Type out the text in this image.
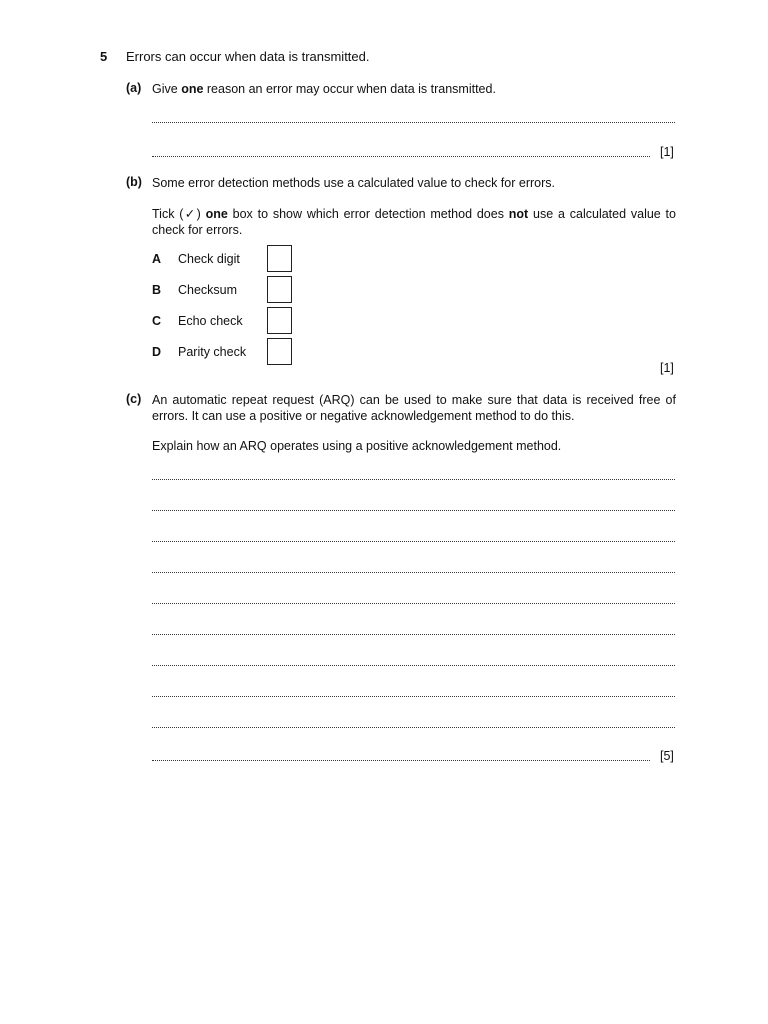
5 Errors can occur when data is transmitted.
(a) Give one reason an error may occur when data is transmitted.
[1]
(b) Some error detection methods use a calculated value to check for errors.
Tick (✓) one box to show which error detection method does not use a calculated value to check for errors.
A Check digit
B Checksum
C Echo check
D Parity check
[1]
(c) An automatic repeat request (ARQ) can be used to make sure that data is received free of errors. It can use a positive or negative acknowledgement method to do this.
Explain how an ARQ operates using a positive acknowledgement method.
[5]
